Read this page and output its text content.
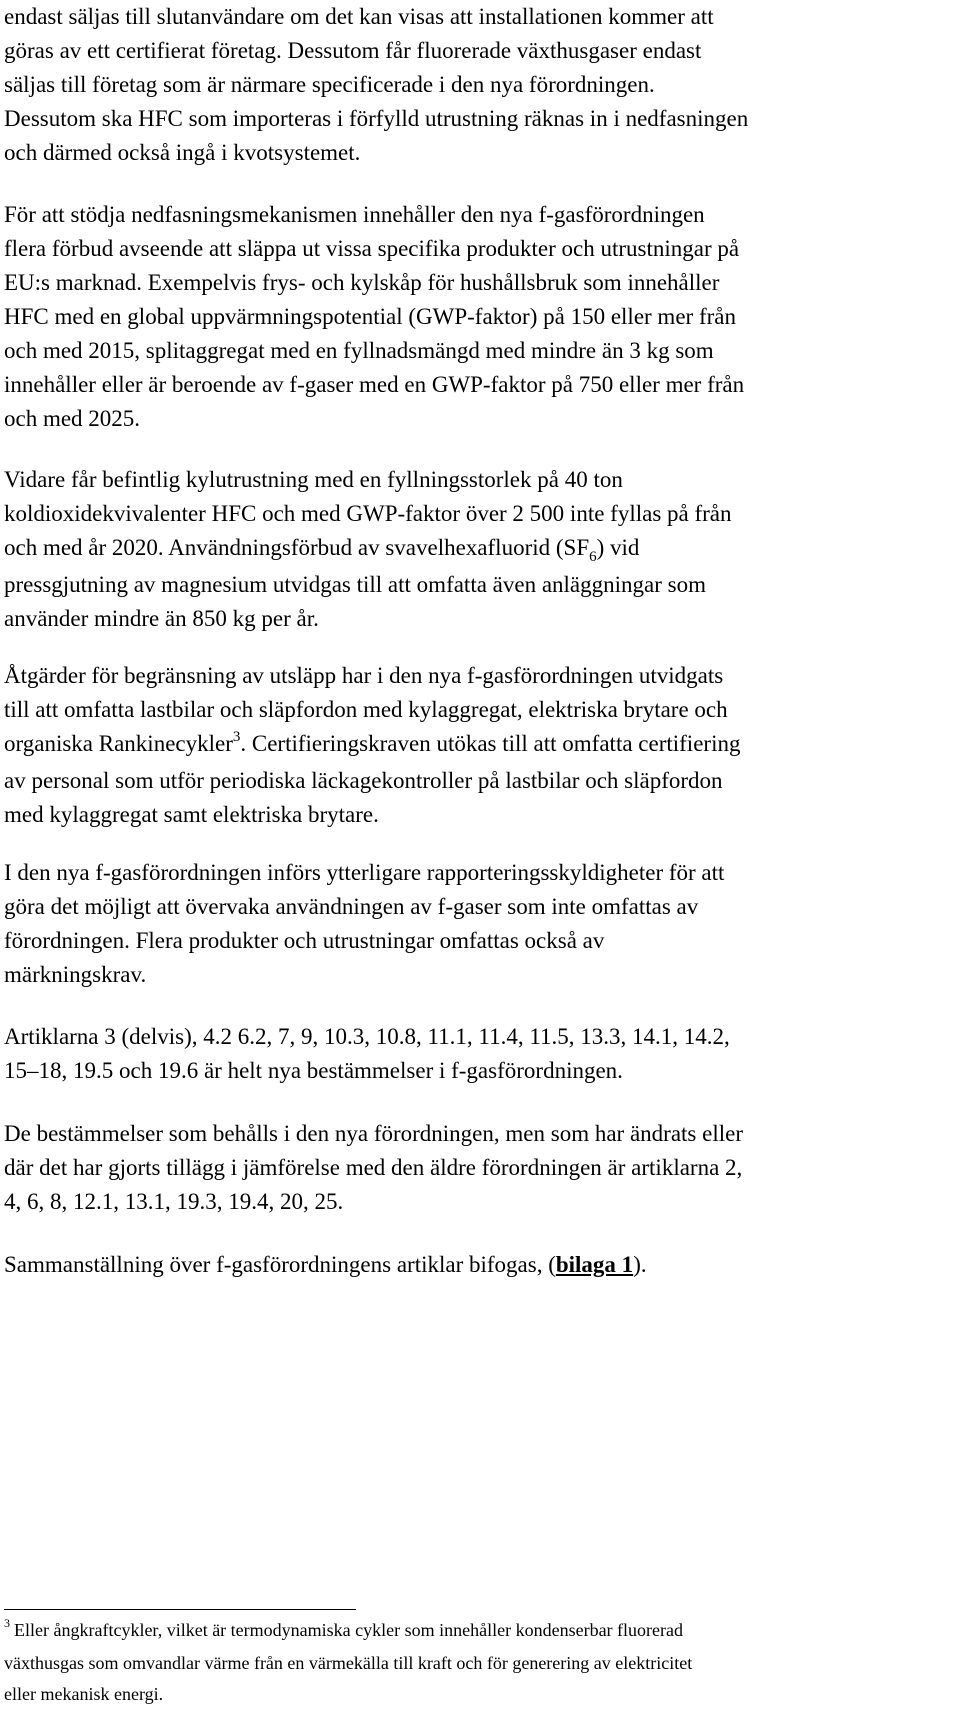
endast säljas till slutanvändare om det kan visas att installationen kommer att
göras av ett certifierat företag. Dessutom får fluorerade växthusgaser endast
säljas till företag som är närmare specificerade i den nya förordningen.
Dessutom ska HFC som importeras i förfylld utrustning räknas in i nedfasningen
och därmed också ingå i kvotsystemet.

För att stödja nedfasningsmekanismen innehåller den nya f-gasförordningen
flera förbud avseende att släppa ut vissa specifika produkter och utrustningar på
EU:s marknad. Exempelvis frys- och kylskåp för hushållsbruk som innehåller
HFC med en global uppvärmningspotential (GWP-faktor) på 150 eller mer från
och med 2015, splitaggregat med en fyllnadsmängd med mindre än 3 kg som
innehåller eller är beroende av f-gaser med en GWP-faktor på 750 eller mer från
och med 2025.

Vidare får befintlig kylutrustning med en fyllningsstorlek på 40 ton
koldioxidekvivalenter HFC och med GWP-faktor över 2 500 inte fyllas på från
och med år 2020. Användningsförbud av svavelhexafluorid $(SF_6)$ vid
pressgjutning av magnesium utvidgas till att omfatta även anläggningar som
använder mindre än 850 kg per år.

Åtgärder för begränsning av utsläpp har i den nya f-gasförordningen utvidgats
till att omfatta lastbilar och släpfordon med kylaggregat, elektriska brytare och
organiska Rankinecykler$^3$. Certifieringskraven utökas till att omfatta certifiering
av personal som utför periodiska läckagekontroller på lastbilar och släpfordon
med kylaggregat samt elektriska brytare.

I den nya f-gasförordningen införs ytterligare rapporteringsskyldigheter för att
göra det möjligt att övervaka användningen av f-gaser som inte omfattas av
förordningen. Flera produkter och utrustningar omfattas också av
märkningskrav.

Artiklarna 3 (delvis), 4.2 6.2, 7, 9, 10.3, 10.8, 11.1, 11.4, 11.5, 13.3, 14.1, 14.2,
15–18, 19.5 och 19.6 är helt nya bestämmelser i f-gasförordningen.

De bestämmelser som behålls i den nya förordningen, men som har ändrats eller
där det har gjorts tillägg i jämförelse med den äldre förordningen är artiklarna 2,
4, 6, 8, 12.1, 13.1, 19.3, 19.4, 20, 25.

Sammanställning över f-gasförordningens artiklar bifogas, (bilaga 1).

$^3$ Eller ångkraftcykler, vilket är termodynamiska cykler som innehåller kondenserbar fluorerad
växthusgas som omvandlar värme från en värmekälla till kraft och för generering av elektricitet
eller mekanisk energi.
